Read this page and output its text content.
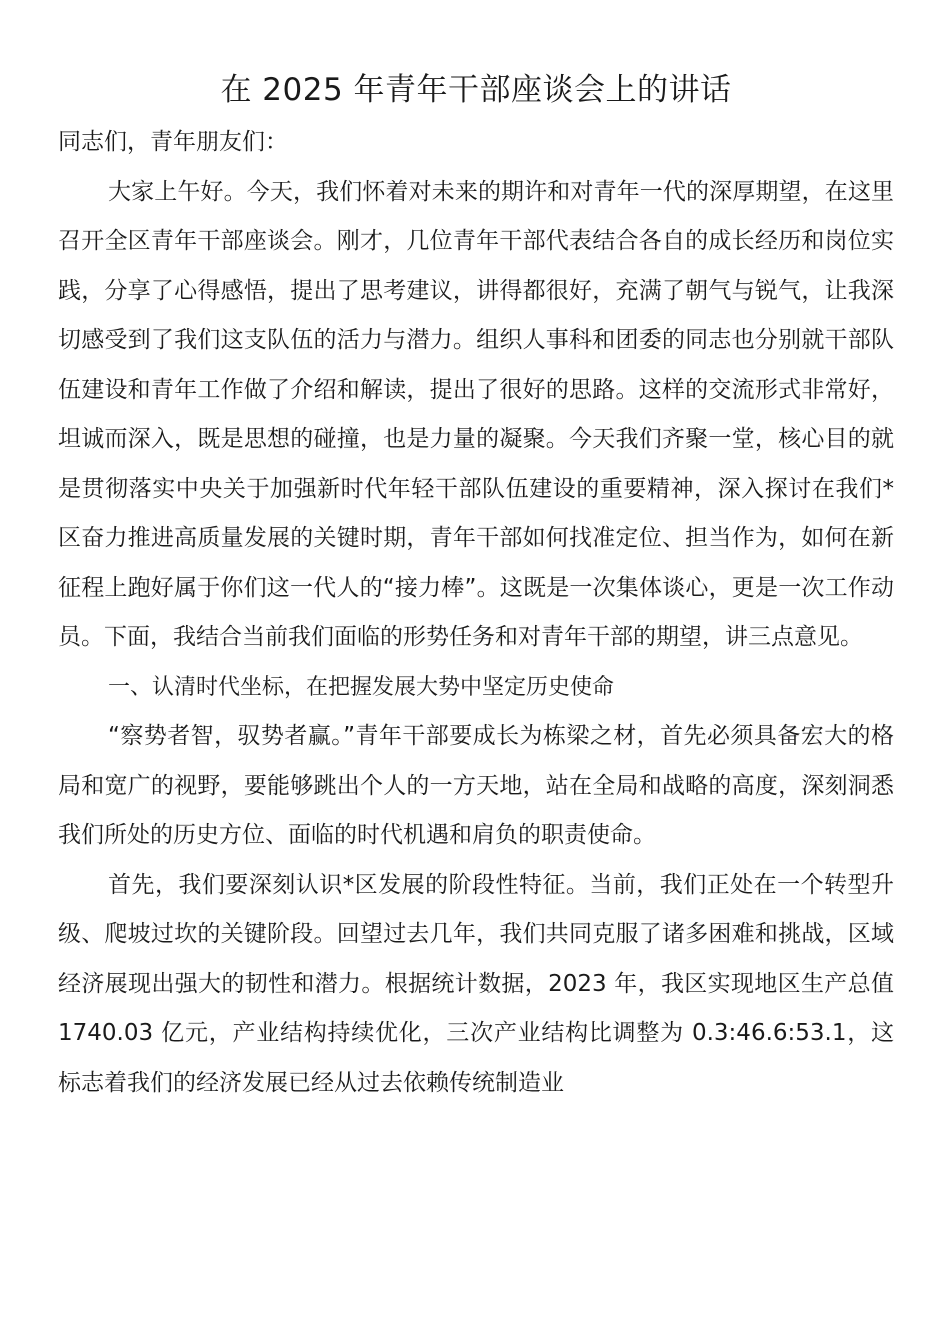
在 2025 年青年干部座谈会上的讲话

同志们，青年朋友们：

大家上午好。今天，我们怀着对未来的期许和对青年一代的深厚期望，在这里召开全区青年干部座谈会。刚才，几位青年干部代表结合各自的成长经历和岗位实践，分享了心得感悟，提出了思考建议，讲得都很好，充满了朝气与锐气，让我深切感受到了我们这支队伍的活力与潜力。组织人事科和团委的同志也分别就干部队伍建设和青年工作做了介绍和解读，提出了很好的思路。这样的交流形式非常好，坦诚而深入，既是思想的碰撞，也是力量的凝聚。今天我们齐聚一堂，核心目的就是贯彻落实中央关于加强新时代年轻干部队伍建设的重要精神，深入探讨在我们*区奋力推进高质量发展的关键时期，青年干部如何找准定位、担当作为，如何在新征程上跑好属于你们这一代人的“接力棒”。这既是一次集体谈心，更是一次工作动员。下面，我结合当前我们面临的形势任务和对青年干部的期望，讲三点意见。

一、认清时代坐标，在把握发展大势中坚定历史使命

“察势者智，驭势者赢。”青年干部要成长为栋梁之材，首先必须具备宏大的格局和宽广的视野，要能够跳出个人的一方天地，站在全局和战略的高度，深刻洞悉我们所处的历史方位、面临的时代机遇和肩负的职责使命。

首先，我们要深刻认识*区发展的阶段性特征。当前，我们正处在一个转型升级、爬坡过坎的关键阶段。回望过去几年，我们共同克服了诸多困难和挑战，区域经济展现出强大的韧性和潜力。根据统计数据，2023 年，我区实现地区生产总值 1740.03 亿元，产业结构持续优化，三次产业结构比调整为 0.3:46.6:53.1，这标志着我们的经济发展已经从过去依赖传统制造业
